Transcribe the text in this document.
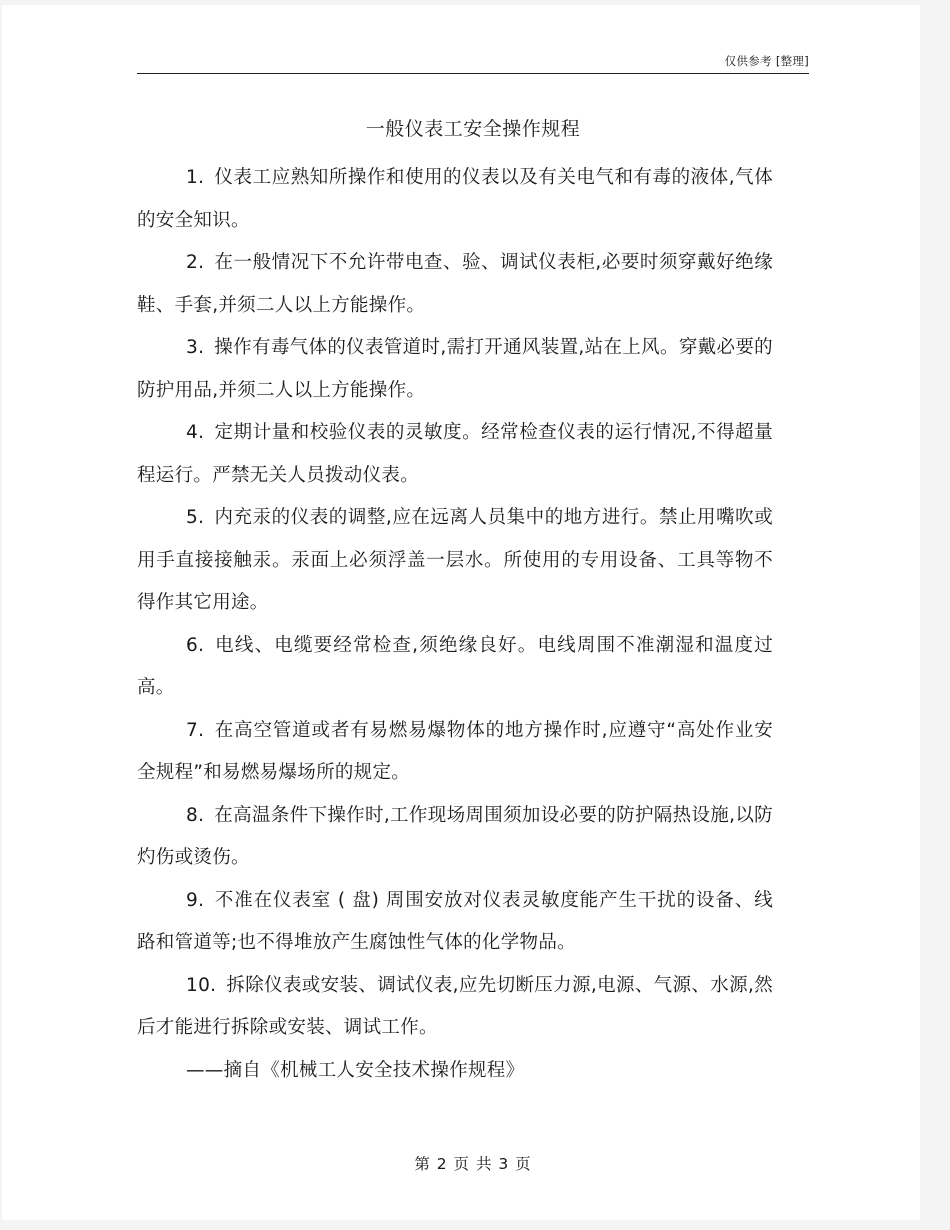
仅供参考 [整理]
一般仪表工安全操作规程

1. 仪表工应熟知所操作和使用的仪表以及有关电气和有毒的液体,气体的安全知识。

2. 在一般情况下不允许带电查、验、调试仪表柜,必要时须穿戴好绝缘鞋、手套,并须二人以上方能操作。

3. 操作有毒气体的仪表管道时,需打开通风装置,站在上风。穿戴必要的防护用品,并须二人以上方能操作。

4. 定期计量和校验仪表的灵敏度。经常检查仪表的运行情况,不得超量程运行。严禁无关人员拨动仪表。

5. 内充汞的仪表的调整,应在远离人员集中的地方进行。禁止用嘴吹或用手直接接触汞。汞面上必须浮盖一层水。所使用的专用设备、工具等物不得作其它用途。

6. 电线、电缆要经常检查,须绝缘良好。电线周围不准潮湿和温度过高。

7. 在高空管道或者有易燃易爆物体的地方操作时,应遵守“高处作业安全规程”和易燃易爆场所的规定。

8. 在高温条件下操作时,工作现场周围须加设必要的防护隔热设施,以防灼伤或烫伤。

9. 不准在仪表室 ( 盘) 周围安放对仪表灵敏度能产生干扰的设备、线路和管道等;也不得堆放产生腐蚀性气体的化学物品。

10. 拆除仪表或安装、调试仪表,应先切断压力源,电源、气源、水源,然后才能进行拆除或安装、调试工作。

——摘自《机械工人安全技术操作规程》

第 2 页 共 3 页
